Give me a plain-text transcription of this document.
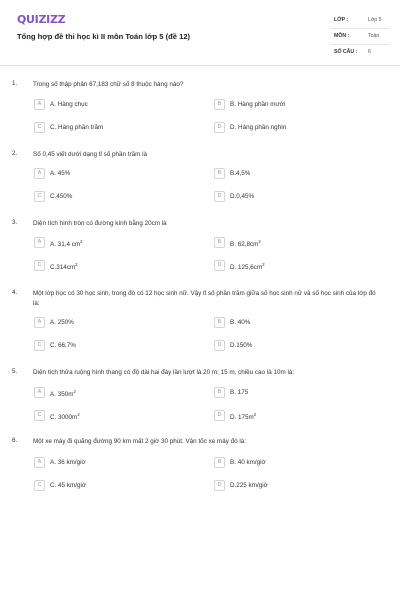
QUIZIZZ
Tổng hợp đề thi học kì II môn Toán lớp 5 (đề 12)
LỚP :	Lớp 5
MÔN :	Toán
SỐ CÂU : 6
1. Trong số thập phân 67,183 chữ số 8 thuộc hàng nào?
A	A. Hàng chục	B	B. Hàng phần mười
C	C. Hàng phần trăm	D	D. Hàng phần nghìn
2. Số 0,45 viết dưới dạng tỉ số phần trăm là
A	A. 45%	B	B.4,5%
C	C.450%	D	D.0,45%
3. Diện tích hình tròn có đường kính bằng 20cm là
A	A. 31,4 $cm^2$	B	B. $62,8cm^2$
C	$C.314cm^2$	D	D. $125,6cm^2$
4. Một lớp học có 30 học sinh, trong đó có 12 học sinh nữ. Vậy tỉ số phần trăm giữa số học sinh nữ và số học sinh của lớp đó là:
A	A. 250%	B	B. 40%
C	C. 66,7%	D	D.150%
5. Diện tích thửa ruộng hình thang có độ dài hai đáy lần lượt là 20 m; 15 m, chiều cao là 10m là:
A	A. $350m^2$	B	B. 175
C	C. $3000m^2$	D	D. $175m^2$
6. Một xe máy đi quãng đường 90 km mất 2 giờ 30 phút. Vận tốc xe máy đó là:
A	A. 36 km/giờ	B	B. 40 km/giờ
C	C. 45 km/giờ	D	D.225 km/giờ
